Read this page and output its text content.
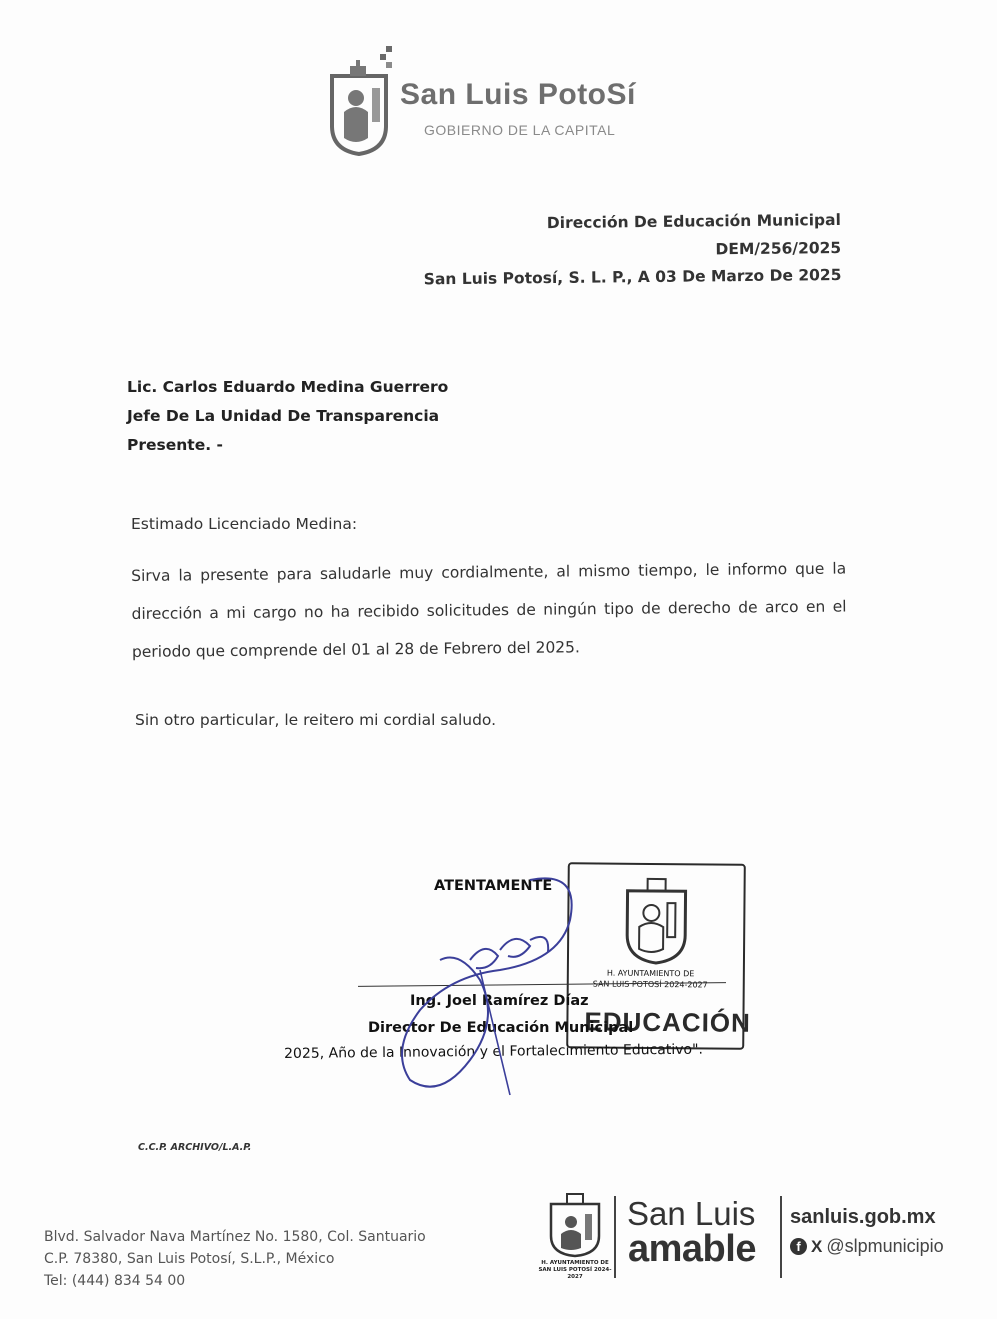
San Luis PotoSí
GOBIERNO DE LA CAPITAL
Dirección De Educación Municipal
DEM/256/2025
San Luis Potosí, S. L. P., A 03 De Marzo De 2025
Lic. Carlos Eduardo Medina Guerrero
Jefe De La Unidad De Transparencia
Presente. -
Estimado Licenciado Medina:
Sirva la presente para saludarle muy cordialmente, al mismo tiempo, le informo que la dirección a mi cargo no ha recibido solicitudes de ningún tipo de derecho de arco en el periodo que comprende del 01 al 28 de Febrero del 2025.
Sin otro particular, le reitero mi cordial saludo.
H. AYUNTAMIENTO DE
SAN LUIS POTOSÍ 2024-2027
EDUCACIÓN
ATENTAMENTE
Ing. Joel Ramírez Díaz
Director De Educación Municipal
2025, Año de la Innovación y el Fortalecimiento Educativo".
C.C.P. ARCHIVO/L.A.P.
Blvd. Salvador Nava Martínez No. 1580, Col. Santuario
C.P. 78380, San Luis Potosí, S.L.P., México
Tel: (444) 834 54 00
H. AYUNTAMIENTO DE SAN LUIS POTOSÍ 2024-2027
San Luis
amable
sanluis.gob.mx
f X @slpmunicipio
